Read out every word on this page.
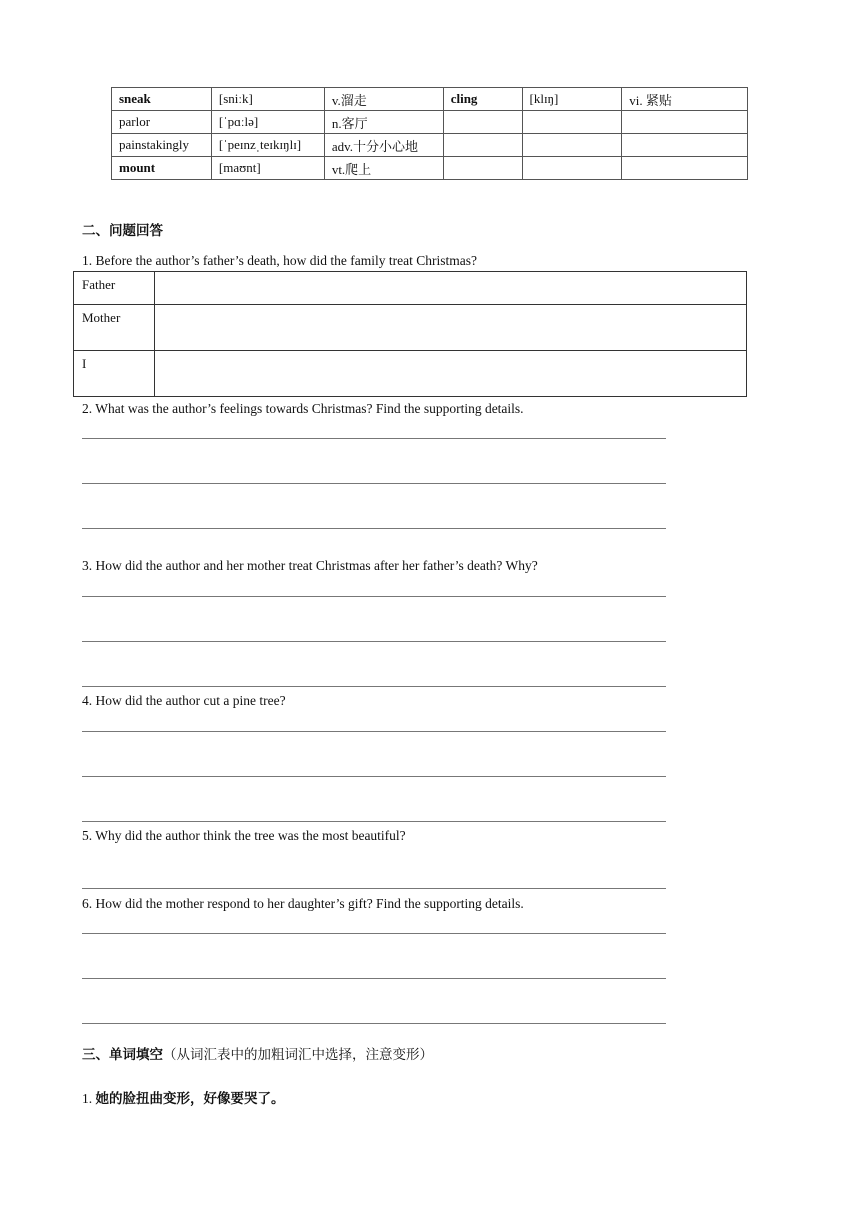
sneak	[sniːk]	v.溜走	cling	[klɪŋ]	vi. 紧贴
parlor	[ˈpɑːlə]	n.客厅			
painstakingly	[ˈpeɪnzˌteɪkɪŋlɪ]	adv.十分小心地			
mount	[maʊnt]	vt.爬上			
二、问题回答

1. Before the author’s father’s death, how did the family treat Christmas?

Father	
Mother	
I	

2. What was the author’s feelings towards Christmas? Find the supporting details.

3. How did the author and her mother treat Christmas after her father’s death? Why?

4. How did the author cut a pine tree?

5. Why did the author think the tree was the most beautiful?

6. How did the mother respond to her daughter’s gift? Find the supporting details.

三、单词填空（从词汇表中的加粗词汇中选择，注意变形）

1. 她的脸扭曲变形，好像要哭了。
